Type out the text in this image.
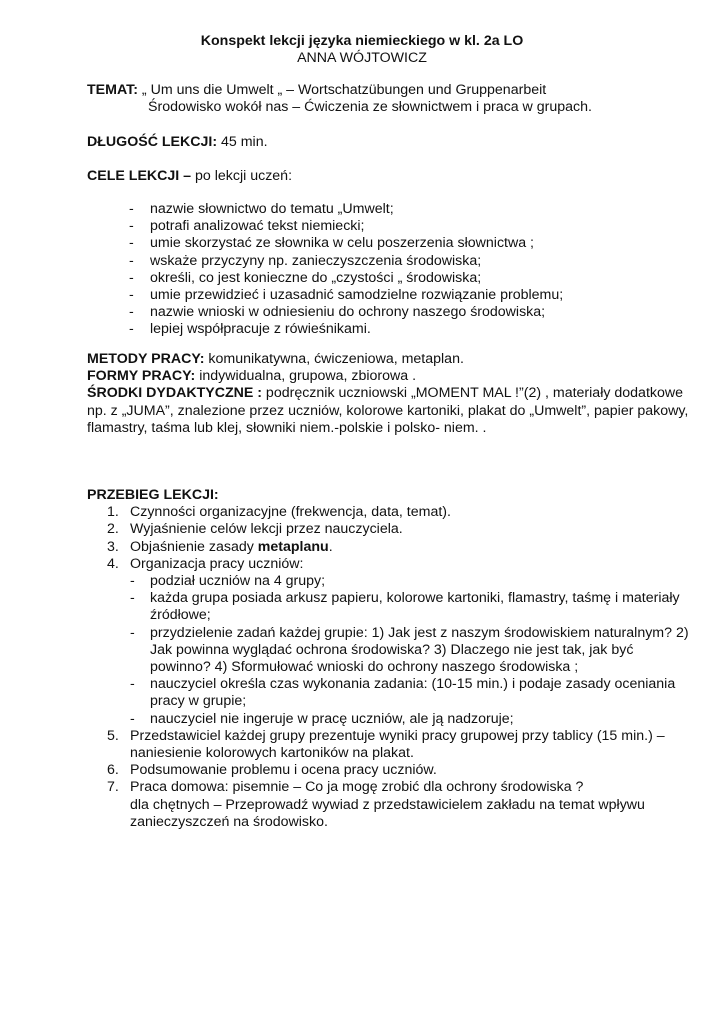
Konspekt lekcji języka niemieckiego w kl. 2a LO
ANNA WÓJTOWICZ
TEMAT: „ Um uns die Umwelt „ – Wortschatzübungen und Gruppenarbeit
Środowisko wokół nas – Ćwiczenia ze słownictwem i praca w grupach.
DŁUGOŚĆ LEKCJI: 45 min.
CELE LEKCJI – po lekcji uczeń:
- nazwie słownictwo do tematu „Umwelt;
- potrafi analizować tekst niemiecki;
- umie skorzystać ze słownika w celu poszerzenia słownictwa ;
- wskaże przyczyny np. zanieczyszczenia środowiska;
- określi, co jest konieczne do „czystości „ środowiska;
- umie przewidzieć i uzasadnić samodzielne rozwiązanie problemu;
- nazwie wnioski w odniesieniu do ochrony naszego środowiska;
- lepiej współpracuje z rówieśnikami.
METODY PRACY: komunikatywna, ćwiczeniowa, metaplan.
FORMY PRACY: indywidualna, grupowa, zbiorowa .
ŚRODKI DYDAKTYCZNE : podręcznik uczniowski „MOMENT MAL !”(2) , materiały dodatkowe np. z „JUMA”, znalezione przez uczniów, kolorowe kartoniki, plakat do „Umwelt”, papier pakowy, flamastry, taśma lub klej, słowniki niem.-polskie i polsko- niem. .
PRZEBIEG LEKCJI:
1. Czynności organizacyjne (frekwencja, data, temat).
2. Wyjaśnienie celów lekcji przez nauczyciela.
3. Objaśnienie zasady metaplanu.
4. Organizacja pracy uczniów:
- podział uczniów na 4 grupy;
- każda grupa posiada arkusz papieru, kolorowe kartoniki, flamastry, taśmę i materiały źródłowe;
- przydzielenie zadań każdej grupie: 1) Jak jest z naszym środowiskiem naturalnym? 2) Jak powinna wyglądać ochrona środowiska? 3) Dlaczego nie jest tak, jak być powinno? 4) Sformułować wnioski do ochrony naszego środowiska ;
- nauczyciel określa czas wykonania zadania: (10-15 min.) i podaje zasady oceniania pracy w grupie;
- nauczyciel nie ingeruje w pracę uczniów, ale ją nadzoruje;
5. Przedstawiciel każdej grupy prezentuje wyniki pracy grupowej przy tablicy (15 min.) – naniesienie kolorowych kartoników na plakat.
6. Podsumowanie problemu i ocena pracy uczniów.
7. Praca domowa: pisemnie – Co ja mogę zrobić dla ochrony środowiska ?
dla chętnych – Przeprowadź wywiad z przedstawicielem zakładu na temat wpływu zanieczyszczeń na środowisko.
